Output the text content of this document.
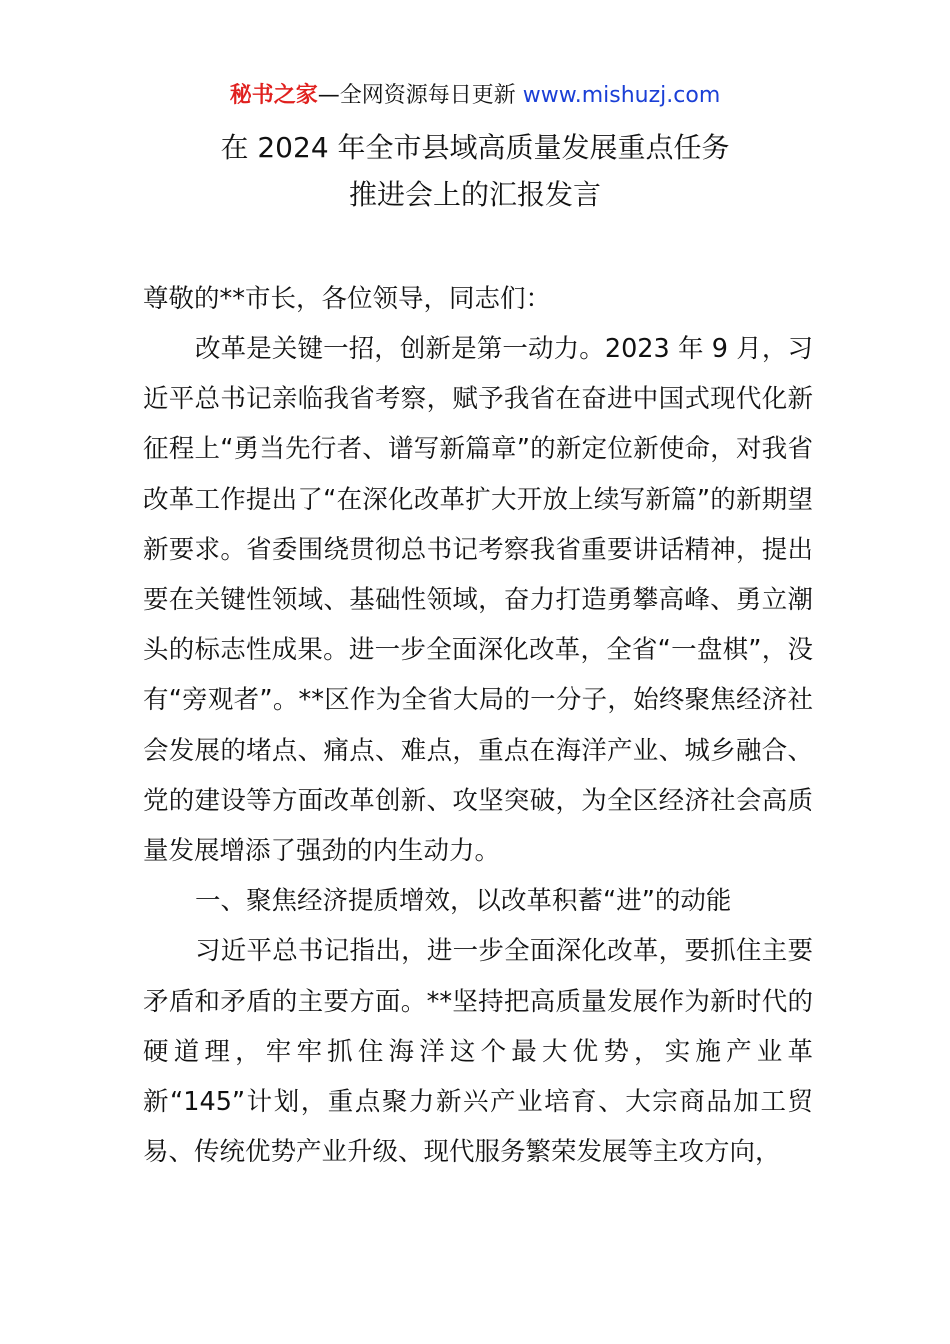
秘书之家—全网资源每日更新 www.mishuzj.com
在 2024 年全市县域高质量发展重点任务
推进会上的汇报发言
尊敬的**市长，各位领导，同志们：

改革是关键一招，创新是第一动力。2023 年 9 月，习近平总书记亲临我省考察，赋予我省在奋进中国式现代化新征程上“勇当先行者、谱写新篇章”的新定位新使命，对我省改革工作提出了“在深化改革扩大开放上续写新篇”的新期望新要求。省委围绕贯彻总书记考察我省重要讲话精神，提出要在关键性领域、基础性领域，奋力打造勇攀高峰、勇立潮头的标志性成果。进一步全面深化改革，全省“一盘棋”，没有“旁观者”。**区作为全省大局的一分子，始终聚焦经济社会发展的堵点、痛点、难点，重点在海洋产业、城乡融合、党的建设等方面改革创新、攻坚突破，为全区经济社会高质量发展增添了强劲的内生动力。

一、聚焦经济提质增效，以改革积蓄“进”的动能

习近平总书记指出，进一步全面深化改革，要抓住主要矛盾和矛盾的主要方面。**坚持把高质量发展作为新时代的硬道理，牢牢抓住海洋这个最大优势，实施产业革新“145”计划，重点聚力新兴产业培育、大宗商品加工贸易、传统优势产业升级、现代服务繁荣发展等主攻方向，
